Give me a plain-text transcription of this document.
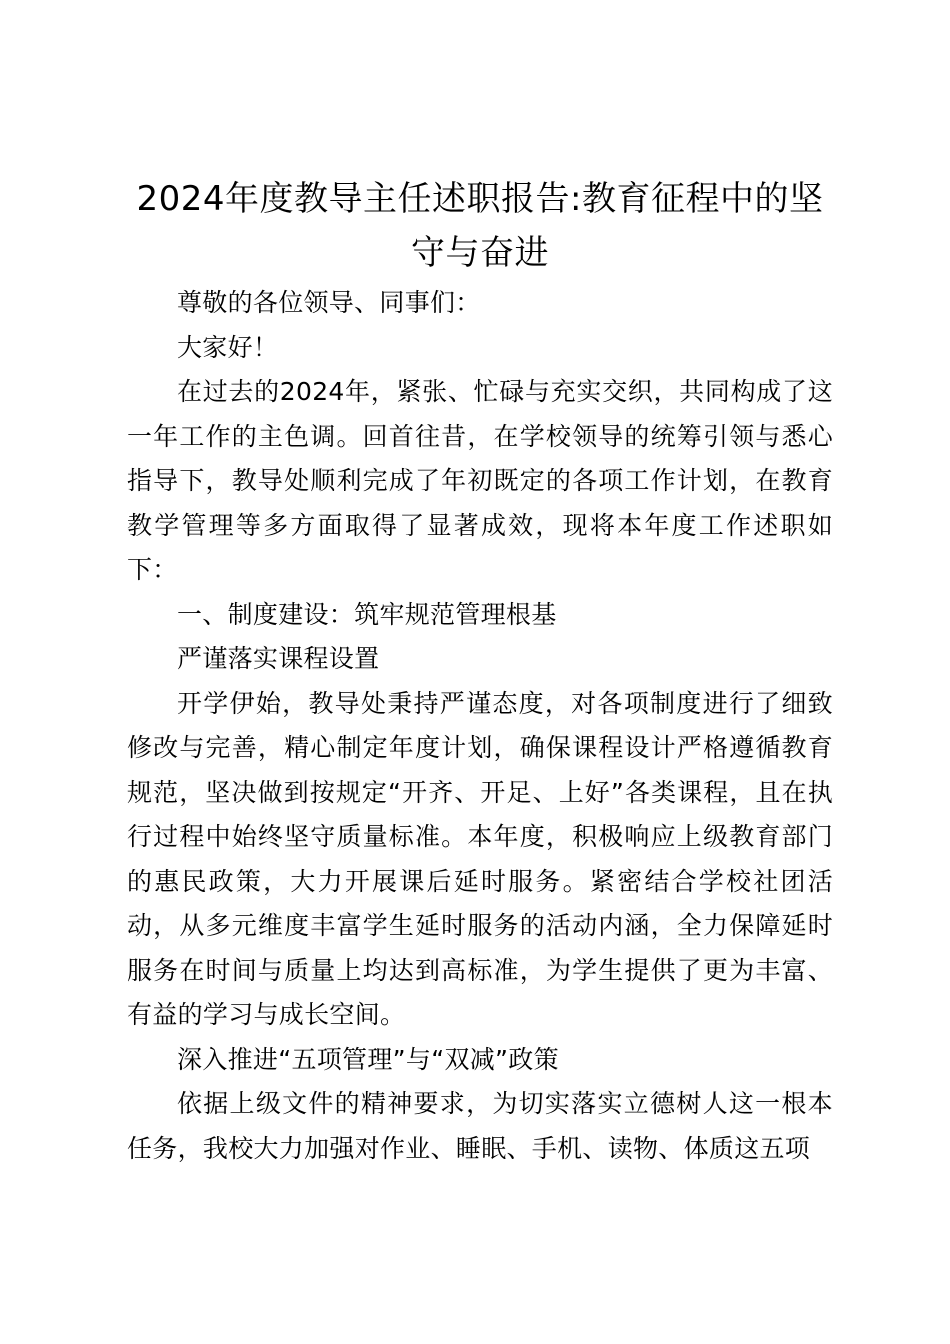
2024年度教导主任述职报告:教育征程中的坚守与奋进

尊敬的各位领导、同事们：

大家好！

在过去的2024年，紧张、忙碌与充实交织，共同构成了这一年工作的主色调。回首往昔，在学校领导的统筹引领与悉心指导下，教导处顺利完成了年初既定的各项工作计划，在教育教学管理等多方面取得了显著成效，现将本年度工作述职如下：

一、制度建设：筑牢规范管理根基

严谨落实课程设置

开学伊始，教导处秉持严谨态度，对各项制度进行了细致修改与完善，精心制定年度计划，确保课程设计严格遵循教育规范，坚决做到按规定“开齐、开足、上好”各类课程，且在执行过程中始终坚守质量标准。本年度，积极响应上级教育部门的惠民政策，大力开展课后延时服务。紧密结合学校社团活动，从多元维度丰富学生延时服务的活动内涵，全力保障延时服务在时间与质量上均达到高标准，为学生提供了更为丰富、有益的学习与成长空间。

深入推进“五项管理”与“双减”政策

依据上级文件的精神要求，为切实落实立德树人这一根本任务，我校大力加强对作业、睡眠、手机、读物、体质这五项
